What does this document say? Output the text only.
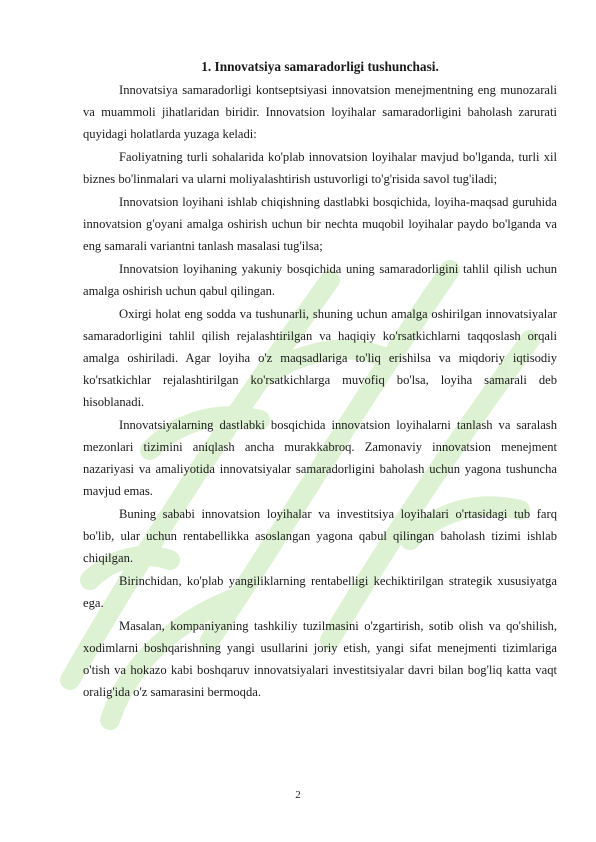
1. Innovatsiya samaradorligi tushunchasi.

Innovatsiya samaradorligi kontseptsiyasi innovatsion menejmentning eng munozarali va muammoli jihatlaridan biridir. Innovatsion loyihalar samaradorligini baholash zarurati quyidagi holatlarda yuzaga keladi:

Faoliyatning turli sohalarida ko'plab innovatsion loyihalar mavjud bo'lganda, turli xil biznes bo'linmalari va ularni moliyalashtirish ustuvorligi to'g'risida savol tug'iladi;

Innovatsion loyihani ishlab chiqishning dastlabki bosqichida, loyiha-maqsad guruhida innovatsion g'oyani amalga oshirish uchun bir nechta muqobil loyihalar paydo bo'lganda va eng samarali variantni tanlash masalasi tug'ilsa;

Innovatsion loyihaning yakuniy bosqichida uning samaradorligini tahlil qilish uchun amalga oshirish uchun qabul qilingan.

Oxirgi holat eng sodda va tushunarli, shuning uchun amalga oshirilgan innovatsiyalar samaradorligini tahlil qilish rejalashtirilgan va haqiqiy ko'rsatkichlarni taqqoslash orqali amalga oshiriladi. Agar loyiha o'z maqsadlariga to'liq erishilsa va miqdoriy iqtisodiy ko'rsatkichlar rejalashtirilgan ko'rsatkichlarga muvofiq bo'lsa, loyiha samarali deb hisoblanadi.

Innovatsiyalarning dastlabki bosqichida innovatsion loyihalarni tanlash va saralash mezonlari tizimini aniqlash ancha murakkabroq. Zamonaviy innovatsion menejment nazariyasi va amaliyotida innovatsiyalar samaradorligini baholash uchun yagona tushuncha mavjud emas.

Buning sababi innovatsion loyihalar va investitsiya loyihalari o'rtasidagi tub farq bo'lib, ular uchun rentabellikka asoslangan yagona qabul qilingan baholash tizimi ishlab chiqilgan.

Birinchidan, ko'plab yangiliklarning rentabelligi kechiktirilgan strategik xususiyatga ega.

Masalan, kompaniyaning tashkiliy tuzilmasini o'zgartirish, sotib olish va qo'shilish, xodimlarni boshqarishning yangi usullarini joriy etish, yangi sifat menejmenti tizimlariga o'tish va hokazo kabi boshqaruv innovatsiyalari investitsiyalar davri bilan bog'liq katta vaqt oralig'ida o'z samarasini bermoqda.

2
